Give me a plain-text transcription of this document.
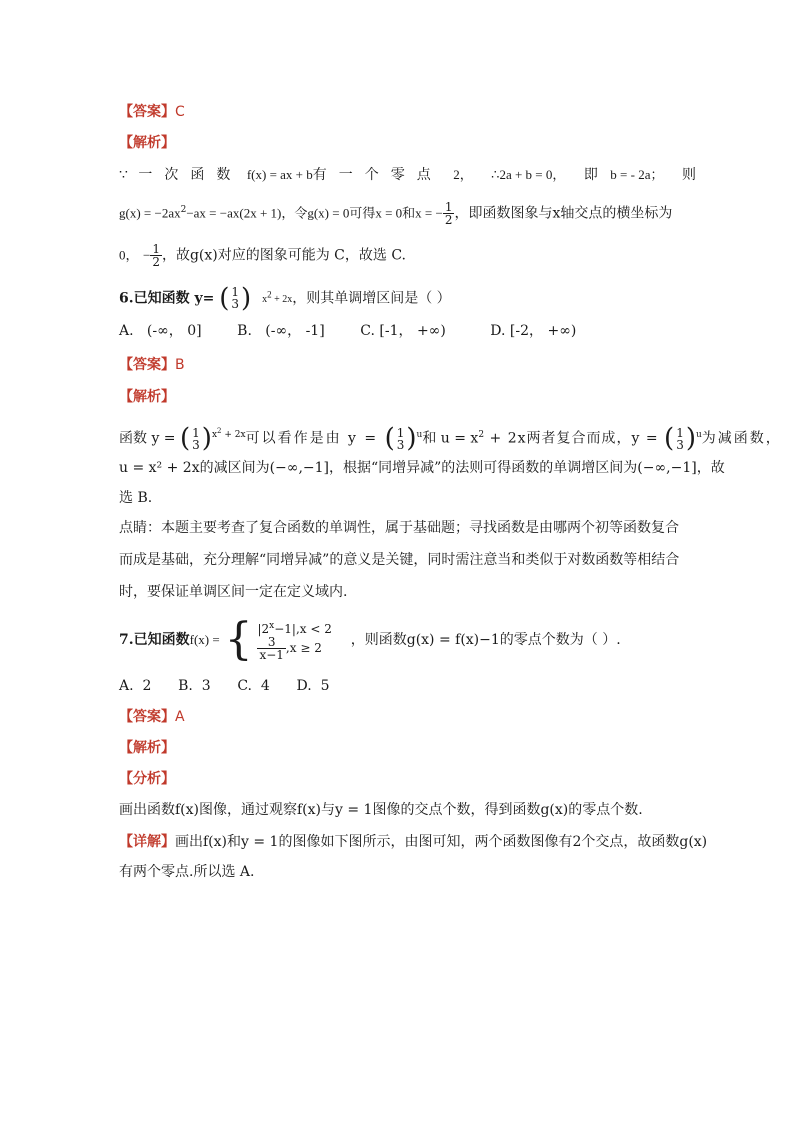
【答案】C
【解析】
∵ 一次函数 f(x) = ax + b有一个零点 2， ∴2a + b = 0， 即 b = - 2a； 则
$g(x) = -2ax^2-ax = -ax(2x + 1)$，令g(x) = 0可得x = 0和x = − $\frac{1}{2}$ ，即函数图象与x轴交点的横坐标为
0， − $\frac{1}{2}$ ，故g(x)对应的图象可能为 C，故选 C.
6.已知函数 y= ( 1
3 ) $x^2 + 2x$，则其单调增区间是（ ）
A.   (-∞， 0]        B.   (-∞， -1]        C. [-1， +∞)          D. [-2， +∞)
【答案】B
【解析】
函数 y = ( 1
3 )$^{x^2 + 2x}$可以看作是由 y = ( 1
3 )$^u$和 $u = x^2 + 2x$两者复合而成，y = ( 1
3 )$^u$为减函数，
u = x² + 2x的减区间为(−∞,−1]，根据“同增异减”的法则可得函数的单调增区间为(−∞,−1]，故
选 B.
点睛：本题主要考查了复合函数的单调性，属于基础题；寻找函数是由哪两个初等函数复合
而成是基础，充分理解“同增异减”的意义是关键，同时需注意当和类似于对数函数等相结合
时，要保证单调区间一定在定义域内.
7.已知函数f(x) = { $|2^x-1|,x < 2$
$\frac{3}{x-1} ,x \ge 2$	，则函数g(x) = f(x)−1的零点个数为（ ）.
A.  2      B.  3      C.  4      D.  5
【答案】A
【解析】
【分析】
画出函数f(x)图像，通过观察f(x)与y = 1图像的交点个数，得到函数g(x)的零点个数.
【详解】画出f(x)和y = 1的图像如下图所示，由图可知，两个函数图像有2个交点，故函数g(x)
有两个零点.所以选 A.
